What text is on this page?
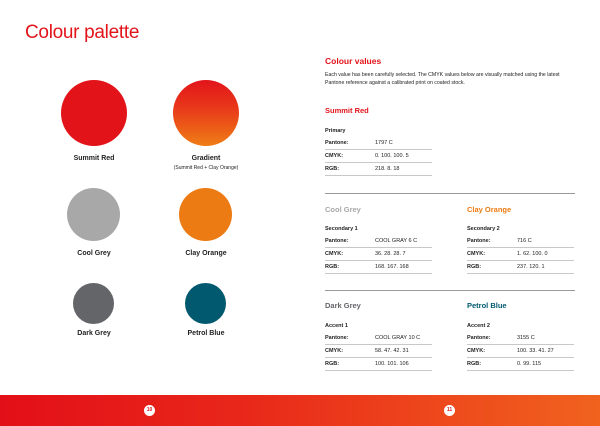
Colour palette
Summit Red	Gradient
(Summit Red + Clay Orange)
Cool Grey	Clay Orange
Dark Grey	Petrol Blue
Colour values
Each value has been carefully selected. The CMYK values below are visually matched using the latest Pantone reference against a calibrated print on coated stock.
Summit Red
Primary
Pantone:	1797 C
CMYK:	0. 100. 100. 5
RGB:	218. 8. 18
Cool Grey
Secondary 1
Pantone:	COOL GRAY 6 C
CMYK:	36. 28. 28. 7
RGB:	168. 167. 168
Clay Orange
Secondary 2
Pantone:	716 C
CMYK:	1. 62. 100. 0
RGB:	237. 120. 1
Dark Grey
Accent 1
Pantone:	COOL GRAY 10 C
CMYK:	58. 47. 42. 31
RGB:	100. 101. 106
Petrol Blue
Accent 2
Pantone:	3155 C
CMYK:	100. 33. 41. 27
RGB:	0. 99. 115
10	11
